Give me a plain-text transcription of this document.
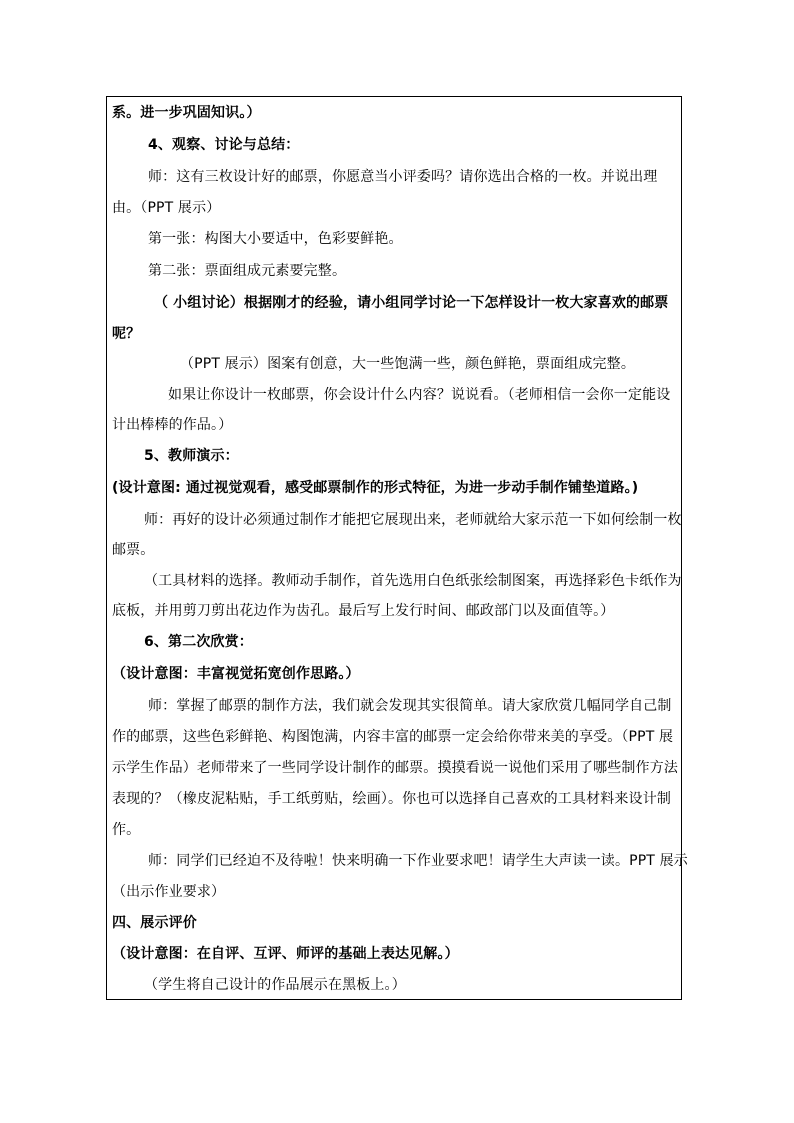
系。进一步巩固知识。）
4、观察、讨论与总结：
师：这有三枚设计好的邮票，你愿意当小评委吗？请你选出合格的一枚。并说出理
由。（PPT 展示）
第一张：构图大小要适中，色彩要鲜艳。
第二张：票面组成元素要完整。
（ 小组讨论）根据刚才的经验，请小组同学讨论一下怎样设计一枚大家喜欢的邮票
呢？
（PPT 展示）图案有创意，大一些饱满一些，颜色鲜艳，票面组成完整。
如果让你设计一枚邮票，你会设计什么内容？说说看。（老师相信一会你一定能设
计出棒棒的作品。）
5、教师演示：
(设计意图: 通过视觉观看，感受邮票制作的形式特征，为进一步动手制作铺垫道路。)
师：再好的设计必须通过制作才能把它展现出来，老师就给大家示范一下如何绘制一枚
邮票。
（工具材料的选择。教师动手制作，首先选用白色纸张绘制图案，再选择彩色卡纸作为
底板，并用剪刀剪出花边作为齿孔。最后写上发行时间、邮政部门以及面值等。）
6、第二次欣赏：
（设计意图：丰富视觉拓宽创作思路。）
师：掌握了邮票的制作方法，我们就会发现其实很简单。请大家欣赏几幅同学自己制
作的邮票，这些色彩鲜艳、构图饱满，内容丰富的邮票一定会给你带来美的享受。（PPT 展
示学生作品）老师带来了一些同学设计制作的邮票。摸摸看说一说他们采用了哪些制作方法
表现的？（橡皮泥粘贴，手工纸剪贴，绘画）。你也可以选择自己喜欢的工具材料来设计制
作。
师：同学们已经迫不及待啦！快来明确一下作业要求吧！请学生大声读一读。PPT 展示
（出示作业要求）
四、展示评价
（设计意图：在自评、互评、师评的基础上表达见解。）
（学生将自己设计的作品展示在黑板上。）
